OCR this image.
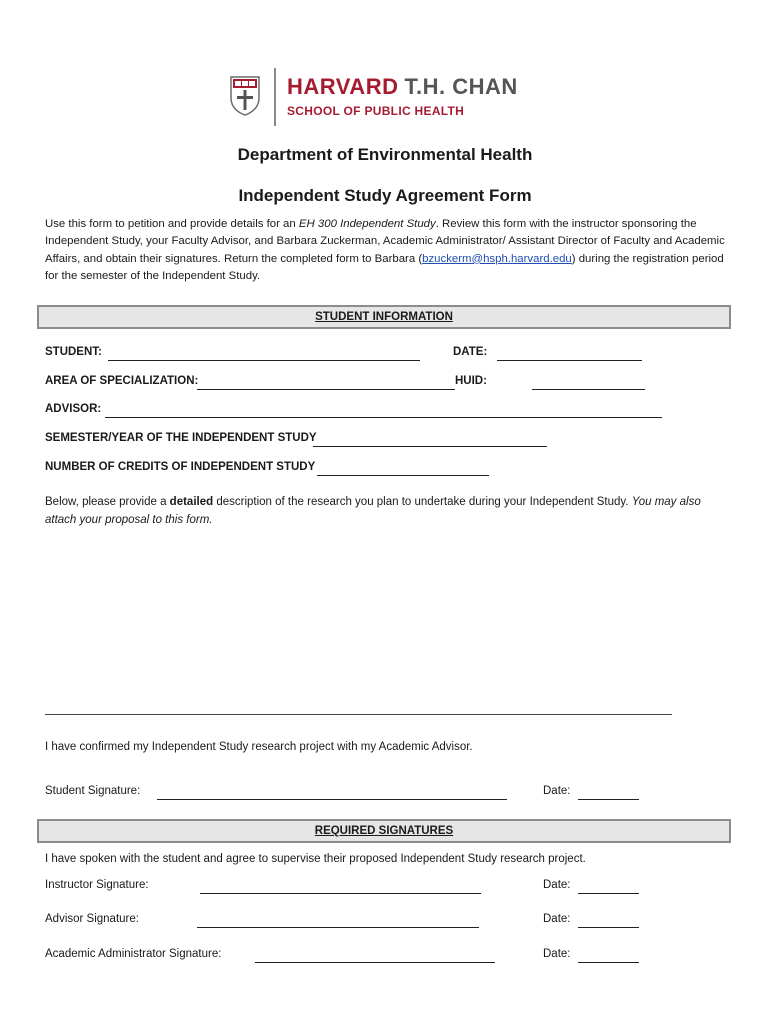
HARVARD T.H. CHAN
SCHOOL OF PUBLIC HEALTH
Department of Environmental Health
Independent Study Agreement Form
Use this form to petition and provide details for an EH 300 Independent Study. Review this form with the instructor sponsoring the Independent Study, your Faculty Advisor, and Barbara Zuckerman, Academic Administrator/ Assistant Director of Faculty and Academic Affairs, and obtain their signatures. Return the completed form to Barbara (bzuckerm@hsph.harvard.edu) during the registration period for the semester of the Independent Study.
STUDENT INFORMATION
STUDENT:	DATE:
AREA OF SPECIALIZATION:	HUID:
ADVISOR:
SEMESTER/YEAR OF THE INDEPENDENT STUDY
NUMBER OF CREDITS OF INDEPENDENT STUDY
Below, please provide a detailed description of the research you plan to undertake during your Independent Study. You may also attach your proposal to this form.
I have confirmed my Independent Study research project with my Academic Advisor.
Student Signature:	Date:
REQUIRED SIGNATURES
I have spoken with the student and agree to supervise their proposed Independent Study research project.
Instructor Signature:	Date:
Advisor Signature:	Date:
Academic Administrator Signature:	Date:
